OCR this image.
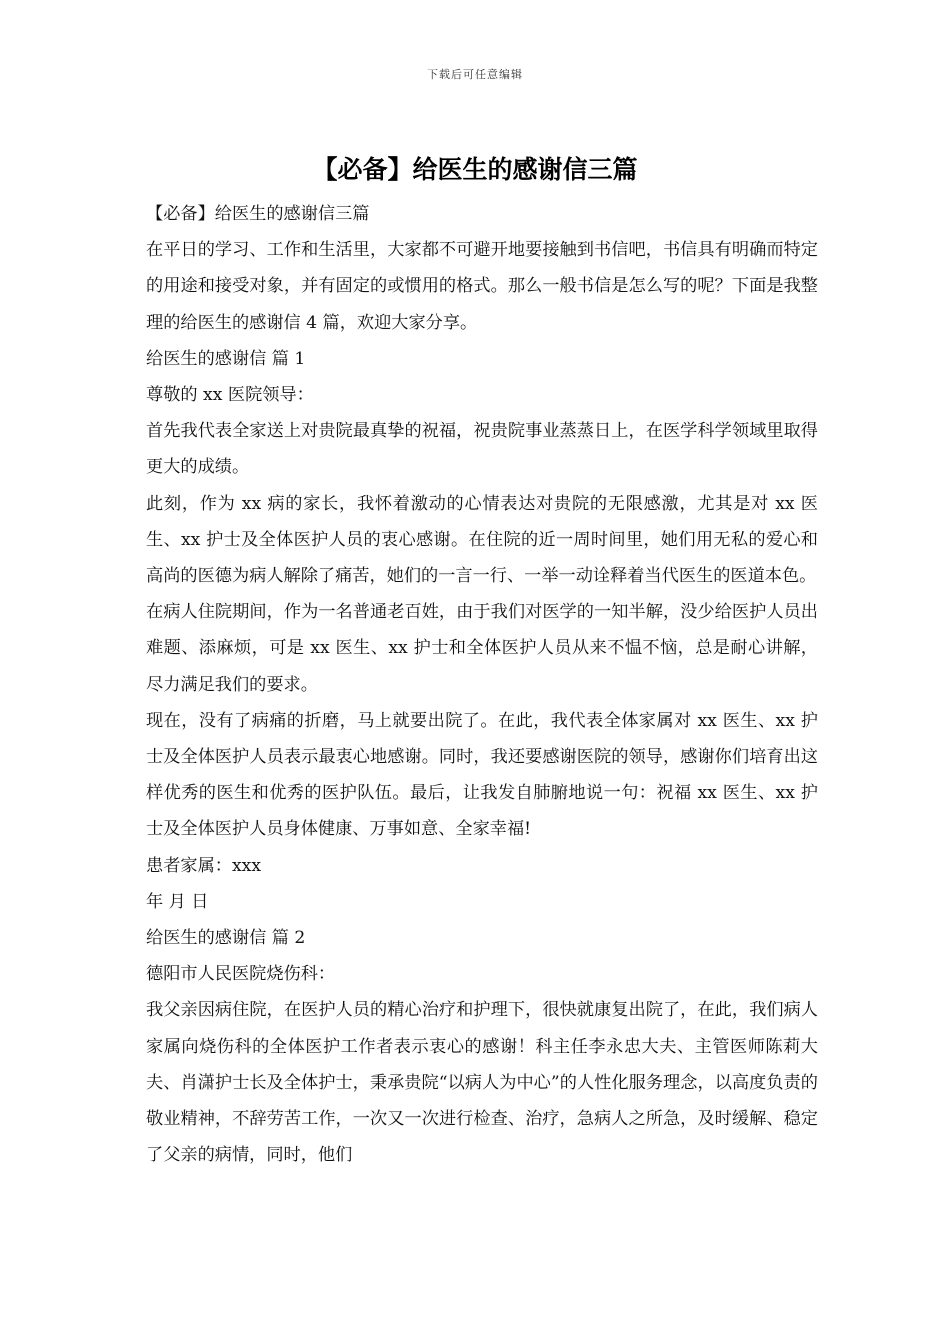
下载后可任意编辑
【必备】给医生的感谢信三篇

【必备】给医生的感谢信三篇

在平日的学习、工作和生活里，大家都不可避开地要接触到书信吧，书信具有明确而特定的用途和接受对象，并有固定的或惯用的格式。那么一般书信是怎么写的呢？下面是我整理的给医生的感谢信 4 篇，欢迎大家分享。

给医生的感谢信 篇 1

尊敬的 xx 医院领导：

首先我代表全家送上对贵院最真挚的祝福，祝贵院事业蒸蒸日上，在医学科学领域里取得更大的成绩。

此刻，作为 xx 病的家长，我怀着激动的心情表达对贵院的无限感激，尤其是对 xx 医生、xx 护士及全体医护人员的衷心感谢。在住院的近一周时间里，她们用无私的爱心和高尚的医德为病人解除了痛苦，她们的一言一行、一举一动诠释着当代医生的医道本色。

在病人住院期间，作为一名普通老百姓，由于我们对医学的一知半解，没少给医护人员出难题、添麻烦，可是 xx 医生、xx 护士和全体医护人员从来不愠不恼，总是耐心讲解，尽力满足我们的要求。

现在，没有了病痛的折磨，马上就要出院了。在此，我代表全体家属对 xx 医生、xx 护士及全体医护人员表示最衷心地感谢。同时，我还要感谢医院的领导，感谢你们培育出这样优秀的医生和优秀的医护队伍。最后，让我发自肺腑地说一句：祝福 xx 医生、xx 护士及全体医护人员身体健康、万事如意、全家幸福!

患者家属：xxx

年 月 日

给医生的感谢信 篇 2

德阳市人民医院烧伤科：

我父亲因病住院，在医护人员的精心治疗和护理下，很快就康复出院了，在此，我们病人家属向烧伤科的全体医护工作者表示衷心的感谢！科主任李永忠大夫、主管医师陈莉大夫、肖潇护士长及全体护士，秉承贵院“以病人为中心”的人性化服务理念，以高度负责的敬业精神，不辞劳苦工作，一次又一次进行检查、治疗，急病人之所急，及时缓解、稳定了父亲的病情，同时，他们
